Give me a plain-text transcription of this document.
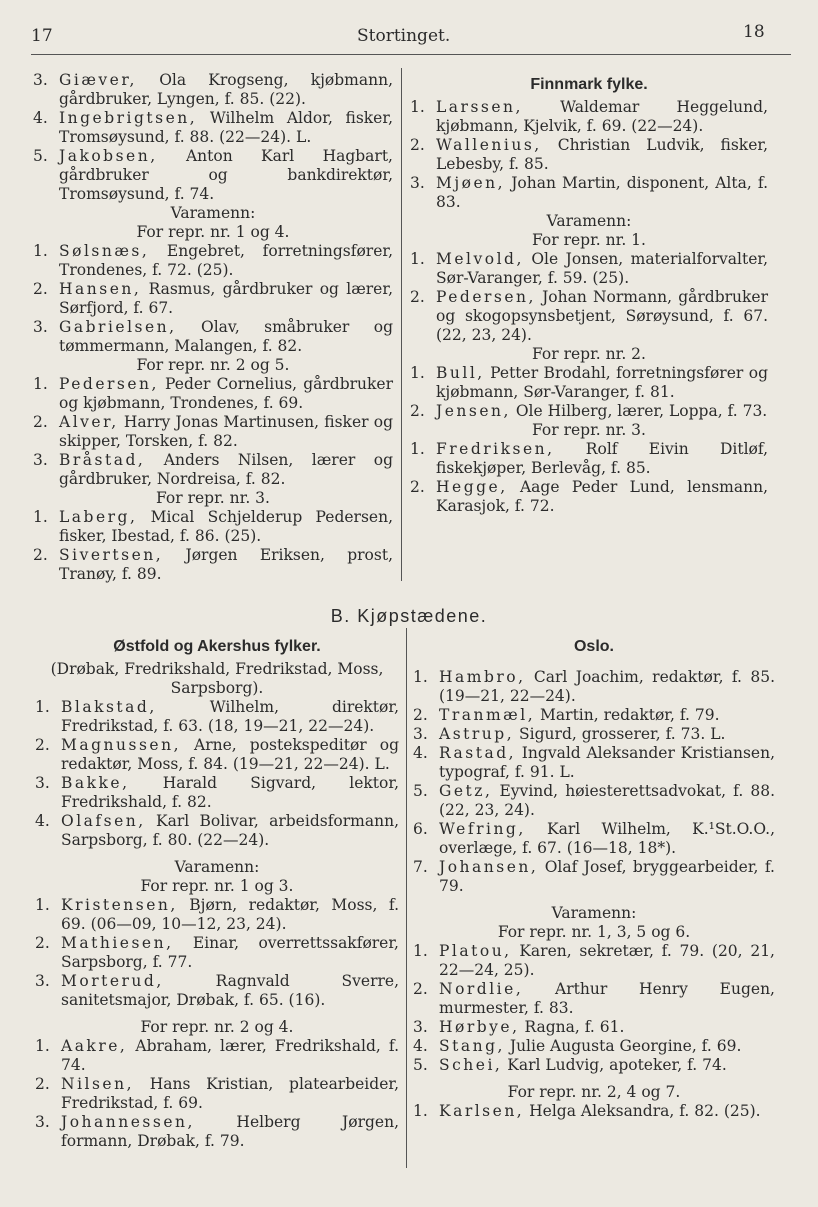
17	Stortinget.	18
3. Giæver, Ola Krogseng, kjøbmann, gårdbruker, Lyngen, f. 85. (22).
4. Ingebrigtsen, Wilhelm Aldor, fisker, Tromsøysund, f. 88. (22—24). L.
5. Jakobsen, Anton Karl Hagbart, gårdbruker og bankdirektør, Tromsøysund, f. 74.
Varamenn:
For repr. nr. 1 og 4.
1. Sølsnæs, Engebret, forretningsfører, Trondenes, f. 72. (25).
2. Hansen, Rasmus, gårdbruker og lærer, Sørfjord, f. 67.
3. Gabrielsen, Olav, småbruker og tømmermann, Malangen, f. 82.
For repr. nr. 2 og 5.
1. Pedersen, Peder Cornelius, gårdbruker og kjøbmann, Trondenes, f. 69.
2. Alver, Harry Jonas Martinusen, fisker og skipper, Torsken, f. 82.
3. Bråstad, Anders Nilsen, lærer og gårdbruker, Nordreisa, f. 82.
For repr. nr. 3.
1. Laberg, Mical Schjelderup Pedersen, fisker, Ibestad, f. 86. (25).
2. Sivertsen, Jørgen Eriksen, prost, Tranøy, f. 89.
Finnmark fylke.
1. Larssen, Waldemar Heggelund, kjøbmann, Kjelvik, f. 69. (22—24).
2. Wallenius, Christian Ludvik, fisker, Lebesby, f. 85.
3. Mjøen, Johan Martin, disponent, Alta, f. 83.
Varamenn:
For repr. nr. 1.
1. Melvold, Ole Jonsen, materialforvalter, Sør-Varanger, f. 59. (25).
2. Pedersen, Johan Normann, gårdbruker og skogopsynsbetjent, Sørøysund, f. 67. (22, 23, 24).
For repr. nr. 2.
1. Bull, Petter Brodahl, forretningsfører og kjøbmann, Sør-Varanger, f. 81.
2. Jensen, Ole Hilberg, lærer, Loppa, f. 73.
For repr. nr. 3.
1. Fredriksen, Rolf Eivin Ditløf, fiskekjøper, Berlevåg, f. 85.
2. Hegge, Aage Peder Lund, lensmann, Karasjok, f. 72.
B. Kjøpstædene.
Østfold og Akershus fylker.
(Drøbak, Fredrikshald, Fredrikstad, Moss, Sarpsborg).
1. Blakstad, Wilhelm, direktør, Fredrikstad, f. 63. (18, 19—21, 22—24).
2. Magnussen, Arne, postekspeditør og redaktør, Moss, f. 84. (19—21, 22—24). L.
3. Bakke, Harald Sigvard, lektor, Fredrikshald, f. 82.
4. Olafsen, Karl Bolivar, arbeidsformann, Sarpsborg, f. 80. (22—24).
Varamenn:
For repr. nr. 1 og 3.
1. Kristensen, Bjørn, redaktør, Moss, f. 69. (06—09, 10—12, 23, 24).
2. Mathiesen, Einar, overrettssakfører, Sarpsborg, f. 77.
3. Morterud, Ragnvald Sverre, sanitetsmajor, Drøbak, f. 65. (16).
For repr. nr. 2 og 4.
1. Aakre, Abraham, lærer, Fredrikshald, f. 74.
2. Nilsen, Hans Kristian, platearbeider, Fredrikstad, f. 69.
3. Johannessen, Helberg Jørgen, formann, Drøbak, f. 79.
Oslo.
1. Hambro, Carl Joachim, redaktør, f. 85. (19—21, 22—24).
2. Tranmæl, Martin, redaktør, f. 79.
3. Astrup, Sigurd, grosserer, f. 73. L.
4. Rastad, Ingvald Aleksander Kristiansen, typograf, f. 91. L.
5. Getz, Eyvind, høiesterettsadvokat, f. 88. (22, 23, 24).
6. Wefring, Karl Wilhelm, K.¹St.O.O., overlæge, f. 67. (16—18, 18*).
7. Johansen, Olaf Josef, bryggearbeider, f. 79.
Varamenn:
For repr. nr. 1, 3, 5 og 6.
1. Platou, Karen, sekretær, f. 79. (20, 21, 22—24, 25).
2. Nordlie, Arthur Henry Eugen, murmester, f. 83.
3. Hørbye, Ragna, f. 61.
4. Stang, Julie Augusta Georgine, f. 69.
5. Schei, Karl Ludvig, apoteker, f. 74.
For repr. nr. 2, 4 og 7.
1. Karlsen, Helga Aleksandra, f. 82. (25).
